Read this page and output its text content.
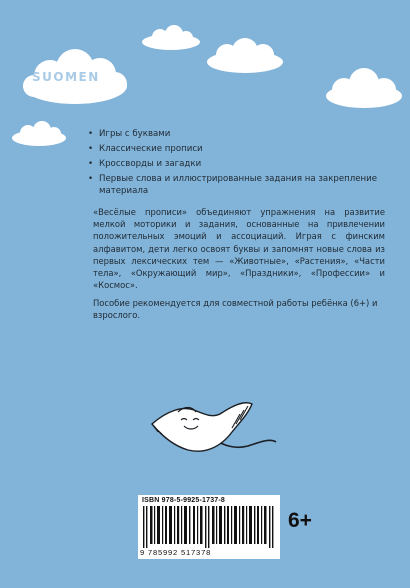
SUOMEN
• Игры с буквами
• Классические прописи
• Кроссворды и загадки
• Первые слова и иллюстрированные задания на закрепление материала

«Весёлые прописи» объединяют упражнения на развитие мелкой моторики и задания, основанные на привлечении положительных эмоций и ассоциаций. Играя с финским алфавитом, дети легко освоят буквы и запомнят новые слова из первых лексических тем — «Животные», «Растения», «Части тела», «Окружающий мир», «Праздники», «Профессии» и «Космос».

Пособие рекомендуется для совместной работы ребёнка (6+) и взрослого.

ISBN 978-5-9925-1737-8
9 785992 517378
6+
